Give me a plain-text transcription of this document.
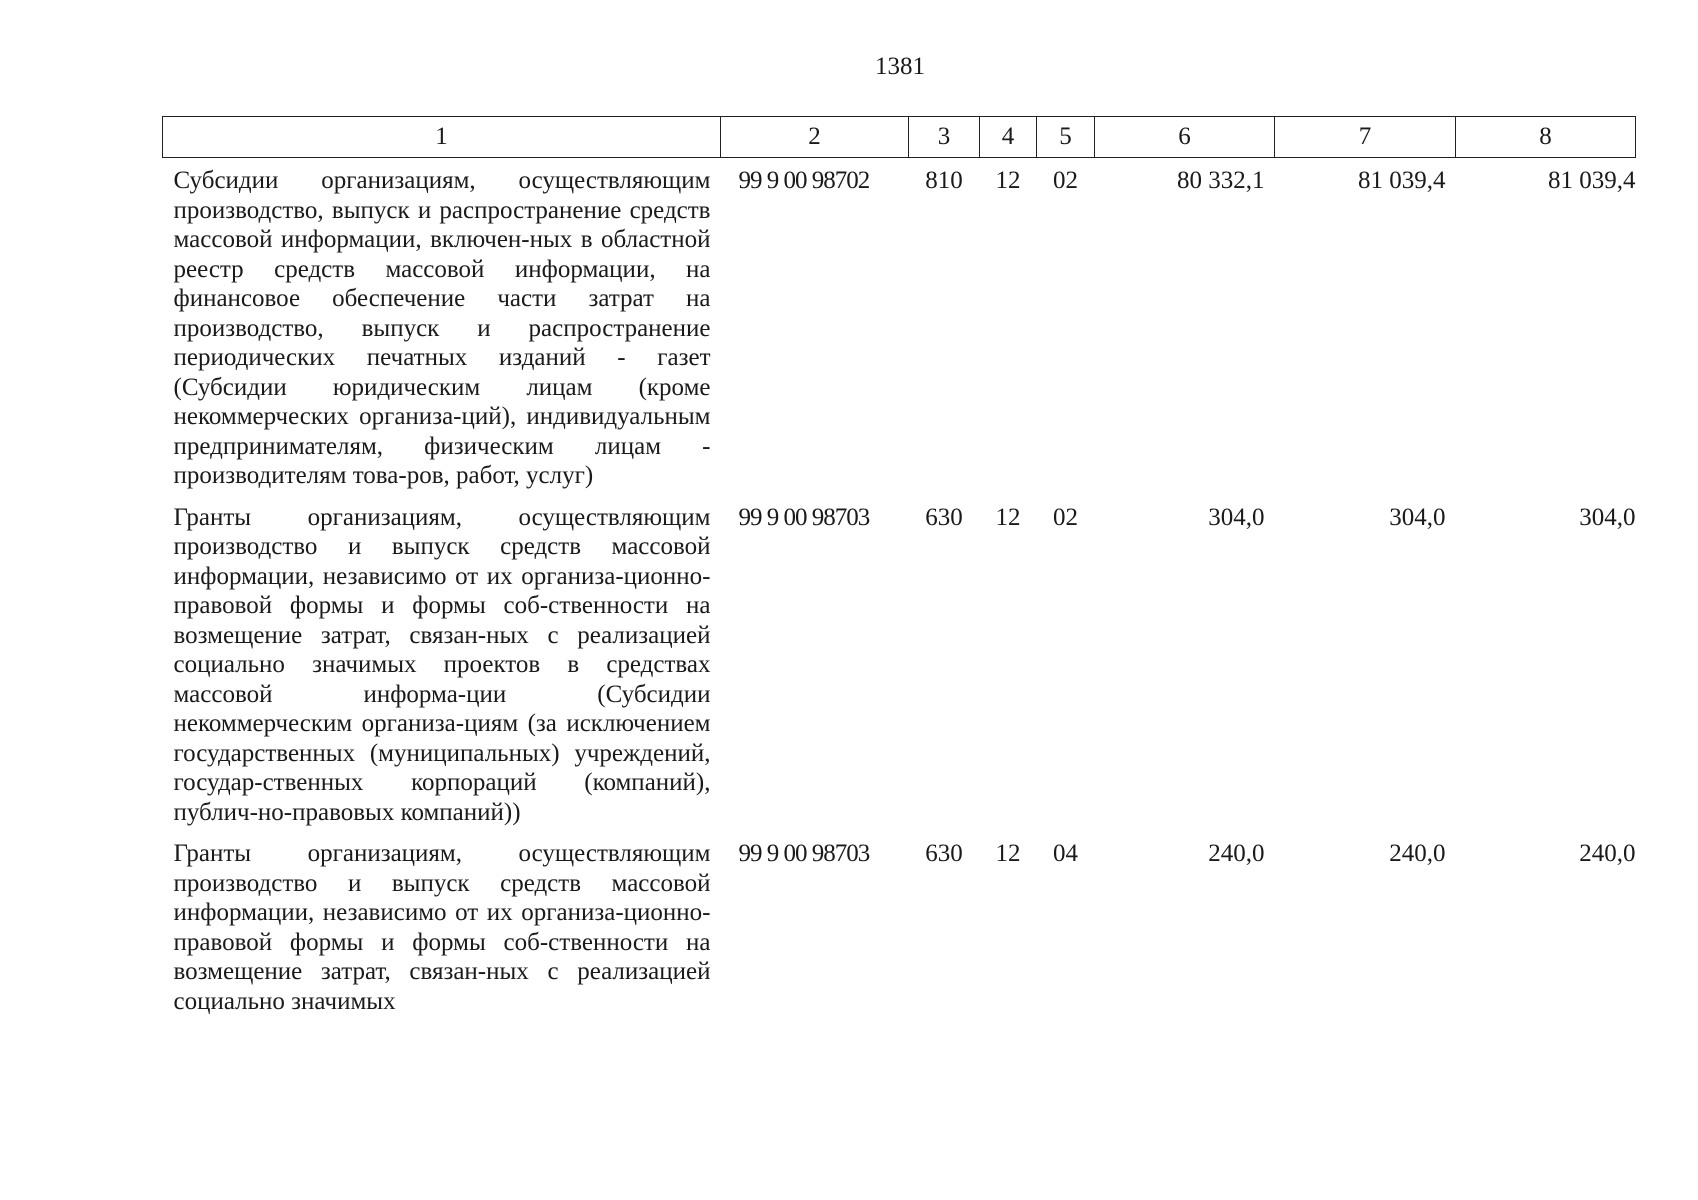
1381
1	2	3	4	5	6	7	8
Субсидии организациям, осуществляющим производство, выпуск и распространение средств массовой информации, включен-ных в областной реестр средств массовой информации, на финансовое обеспечение части затрат на производство, выпуск и распространение периодических печатных изданий - газет (Субсидии юридическим лицам (кроме некоммерческих организа-ций), индивидуальным предпринимателям, физическим лицам - производителям това-ров, работ, услуг)	99 9 00 98702	810	12	02	80 332,1	81 039,4	81 039,4
Гранты организациям, осуществляющим производство и выпуск средств массовой информации, независимо от их организа-ционно-правовой формы и формы соб-ственности на возмещение затрат, связан-ных с реализацией социально значимых проектов в средствах массовой информа-ции (Субсидии некоммерческим организа-циям (за исключением государственных (муниципальных) учреждений, государ-ственных корпораций (компаний), публич-но-правовых компаний))	99 9 00 98703	630	12	02	304,0	304,0	304,0
Гранты организациям, осуществляющим производство и выпуск средств массовой информации, независимо от их организа-ционно-правовой формы и формы соб-ственности на возмещение затрат, связан-ных с реализацией социально значимых	99 9 00 98703	630	12	04	240,0	240,0	240,0
